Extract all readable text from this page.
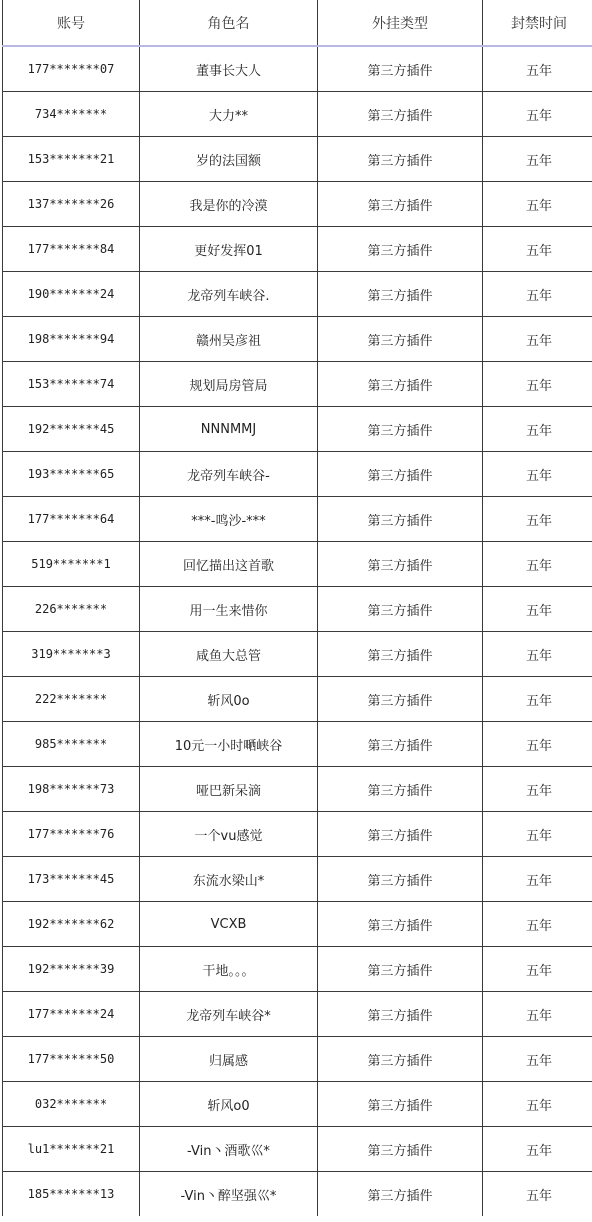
账号	角色名	外挂类型	封禁时间
177*******07	董事长大人	第三方插件	五年
734*******	大力**	第三方插件	五年
153*******21	岁的法国额	第三方插件	五年
137*******26	我是你的冷漠	第三方插件	五年
177*******84	更好发挥01	第三方插件	五年
190*******24	龙帝列车峡谷.	第三方插件	五年
198*******94	赣州吴彦祖	第三方插件	五年
153*******74	规划局房管局	第三方插件	五年
192*******45	NNNMMJ	第三方插件	五年
193*******65	龙帝列车峡谷-	第三方插件	五年
177*******64	***-鸣沙-***	第三方插件	五年
519*******1	回忆描出这首歌	第三方插件	五年
226*******	用一生来惜你	第三方插件	五年
319*******3	咸鱼大总管	第三方插件	五年
222*******	斩风0o	第三方插件	五年
985*******	10元一小时嗮峡谷	第三方插件	五年
198*******73	哑巴新呆滴	第三方插件	五年
177*******76	一个vu感觉	第三方插件	五年
173*******45	东流水梁山*	第三方插件	五年
192*******62	VCXB	第三方插件	五年
192*******39	干地。。。	第三方插件	五年
177*******24	龙帝列车峡谷*	第三方插件	五年
177*******50	归属感	第三方插件	五年
032*******	斩风o0	第三方插件	五年
lu1*******21	-Vin丶酒歌巛*	第三方插件	五年
185*******13	-Vin丶醉坚强巛*	第三方插件	五年
